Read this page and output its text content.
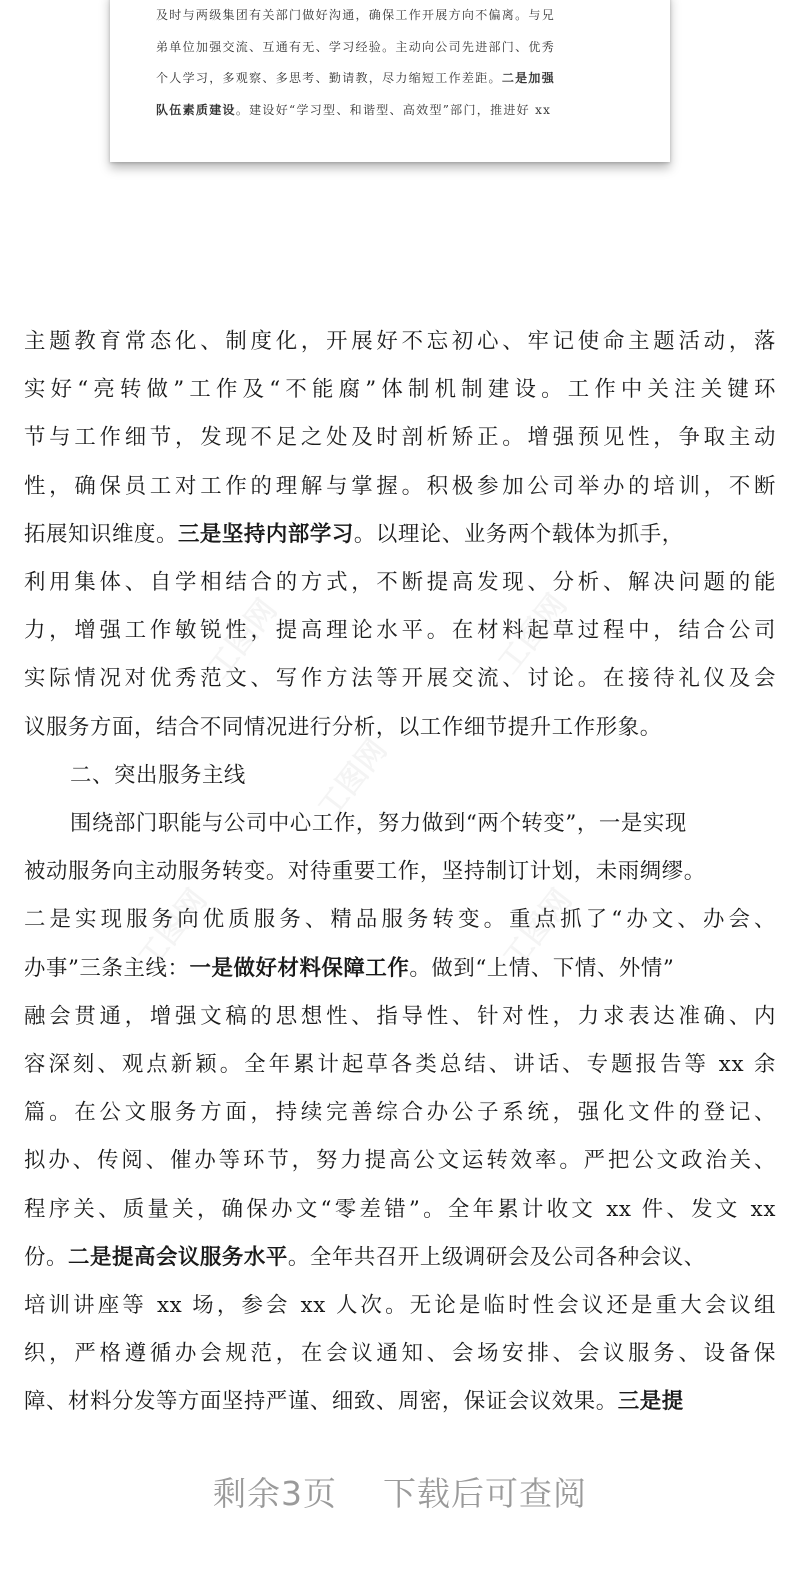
及时与两级集团有关部门做好沟通，确保工作开展方向不偏离。与兄

弟单位加强交流、互通有无、学习经验。主动向公司先进部门、优秀

个人学习，多观察、多思考、勤请教，尽力缩短工作差距。二是加强

队伍素质建设。建设好“学习型、和谐型、高效型”部门，推进好 xx

主题教育常态化、制度化，开展好不忘初心、牢记使命主题活动，落

实好“亮转做”工作及“不能腐”体制机制建设。工作中关注关键环

节与工作细节，发现不足之处及时剖析矫正。增强预见性，争取主动

性，确保员工对工作的理解与掌握。积极参加公司举办的培训，不断

拓展知识维度。三是坚持内部学习。以理论、业务两个载体为抓手，

利用集体、自学相结合的方式，不断提高发现、分析、解决问题的能

力，增强工作敏锐性，提高理论水平。在材料起草过程中，结合公司

实际情况对优秀范文、写作方法等开展交流、讨论。在接待礼仪及会

议服务方面，结合不同情况进行分析，以工作细节提升工作形象。

二、突出服务主线

围绕部门职能与公司中心工作，努力做到“两个转变”，一是实现

被动服务向主动服务转变。对待重要工作，坚持制订计划，未雨绸缪。

二是实现服务向优质服务、精品服务转变。重点抓了“办文、办会、

办事”三条主线：一是做好材料保障工作。做到“上情、下情、外情”

融会贯通，增强文稿的思想性、指导性、针对性，力求表达准确、内

容深刻、观点新颖。全年累计起草各类总结、讲话、专题报告等 xx 余

篇。在公文服务方面，持续完善综合办公子系统，强化文件的登记、

拟办、传阅、催办等环节，努力提高公文运转效率。严把公文政治关、

程序关、质量关，确保办文“零差错”。全年累计收文 xx 件、发文 xx

份。二是提高会议服务水平。全年共召开上级调研会及公司各种会议、

培训讲座等 xx 场，参会 xx 人次。无论是临时性会议还是重大会议组

织，严格遵循办会规范，在会议通知、会场安排、会议服务、设备保

障、材料分发等方面坚持严谨、细致、周密，保证会议效果。三是提

剩余3页 下载后可查阅
